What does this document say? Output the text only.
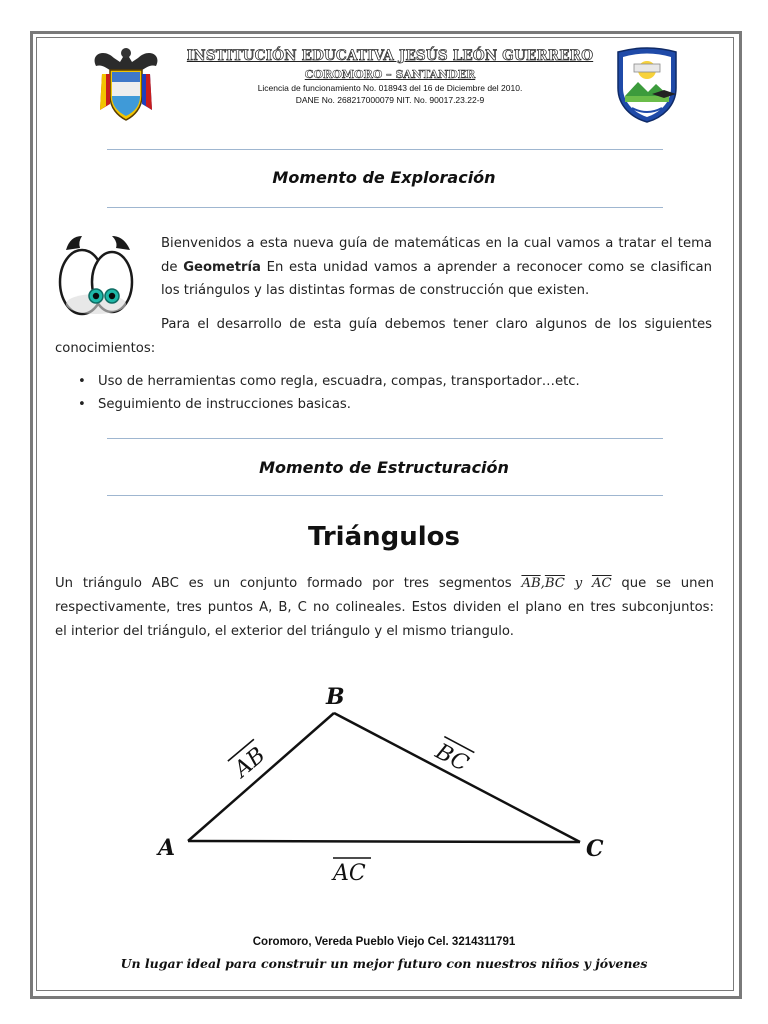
INSTITUCIÓN EDUCATIVA JESÚS LEÓN GUERRERO
COROMORO – SANTANDER
Licencia de funcionamiento No. 018943 del 16 de Diciembre del 2010.
DANE No. 268217000079 NIT. No. 90017.23.22-9
Momento de Exploración
Bienvenidos a esta nueva guía de matemáticas en la cual vamos a tratar el tema
de Geometría En esta unidad vamos a aprender a reconocer como se clasifican
los triángulos y las distintas formas de construcción que existen.
Para el desarrollo de esta guía debemos tener claro algunos de los siguientes
conocimientos:
• Uso de herramientas como regla, escuadra, compas, transportador…etc.
• Seguimiento de instrucciones basicas.
Momento de Estructuración
Triángulos
Un triángulo ABC es un conjunto formado por tres segmentos $\overline{AB},\overline{BC}$ y $\overline{AC}$ que se unen
respectivamente, tres puntos A, B, C no colineales. Estos dividen el plano en tres subconjuntos:
el interior del triángulo, el exterior del triángulo y el mismo triangulo.
A
B
C
AB	BC
AC
Coromoro, Vereda Pueblo Viejo Cel. 3214311791
Un lugar ideal para construir un mejor futuro con nuestros niños y jóvenes
